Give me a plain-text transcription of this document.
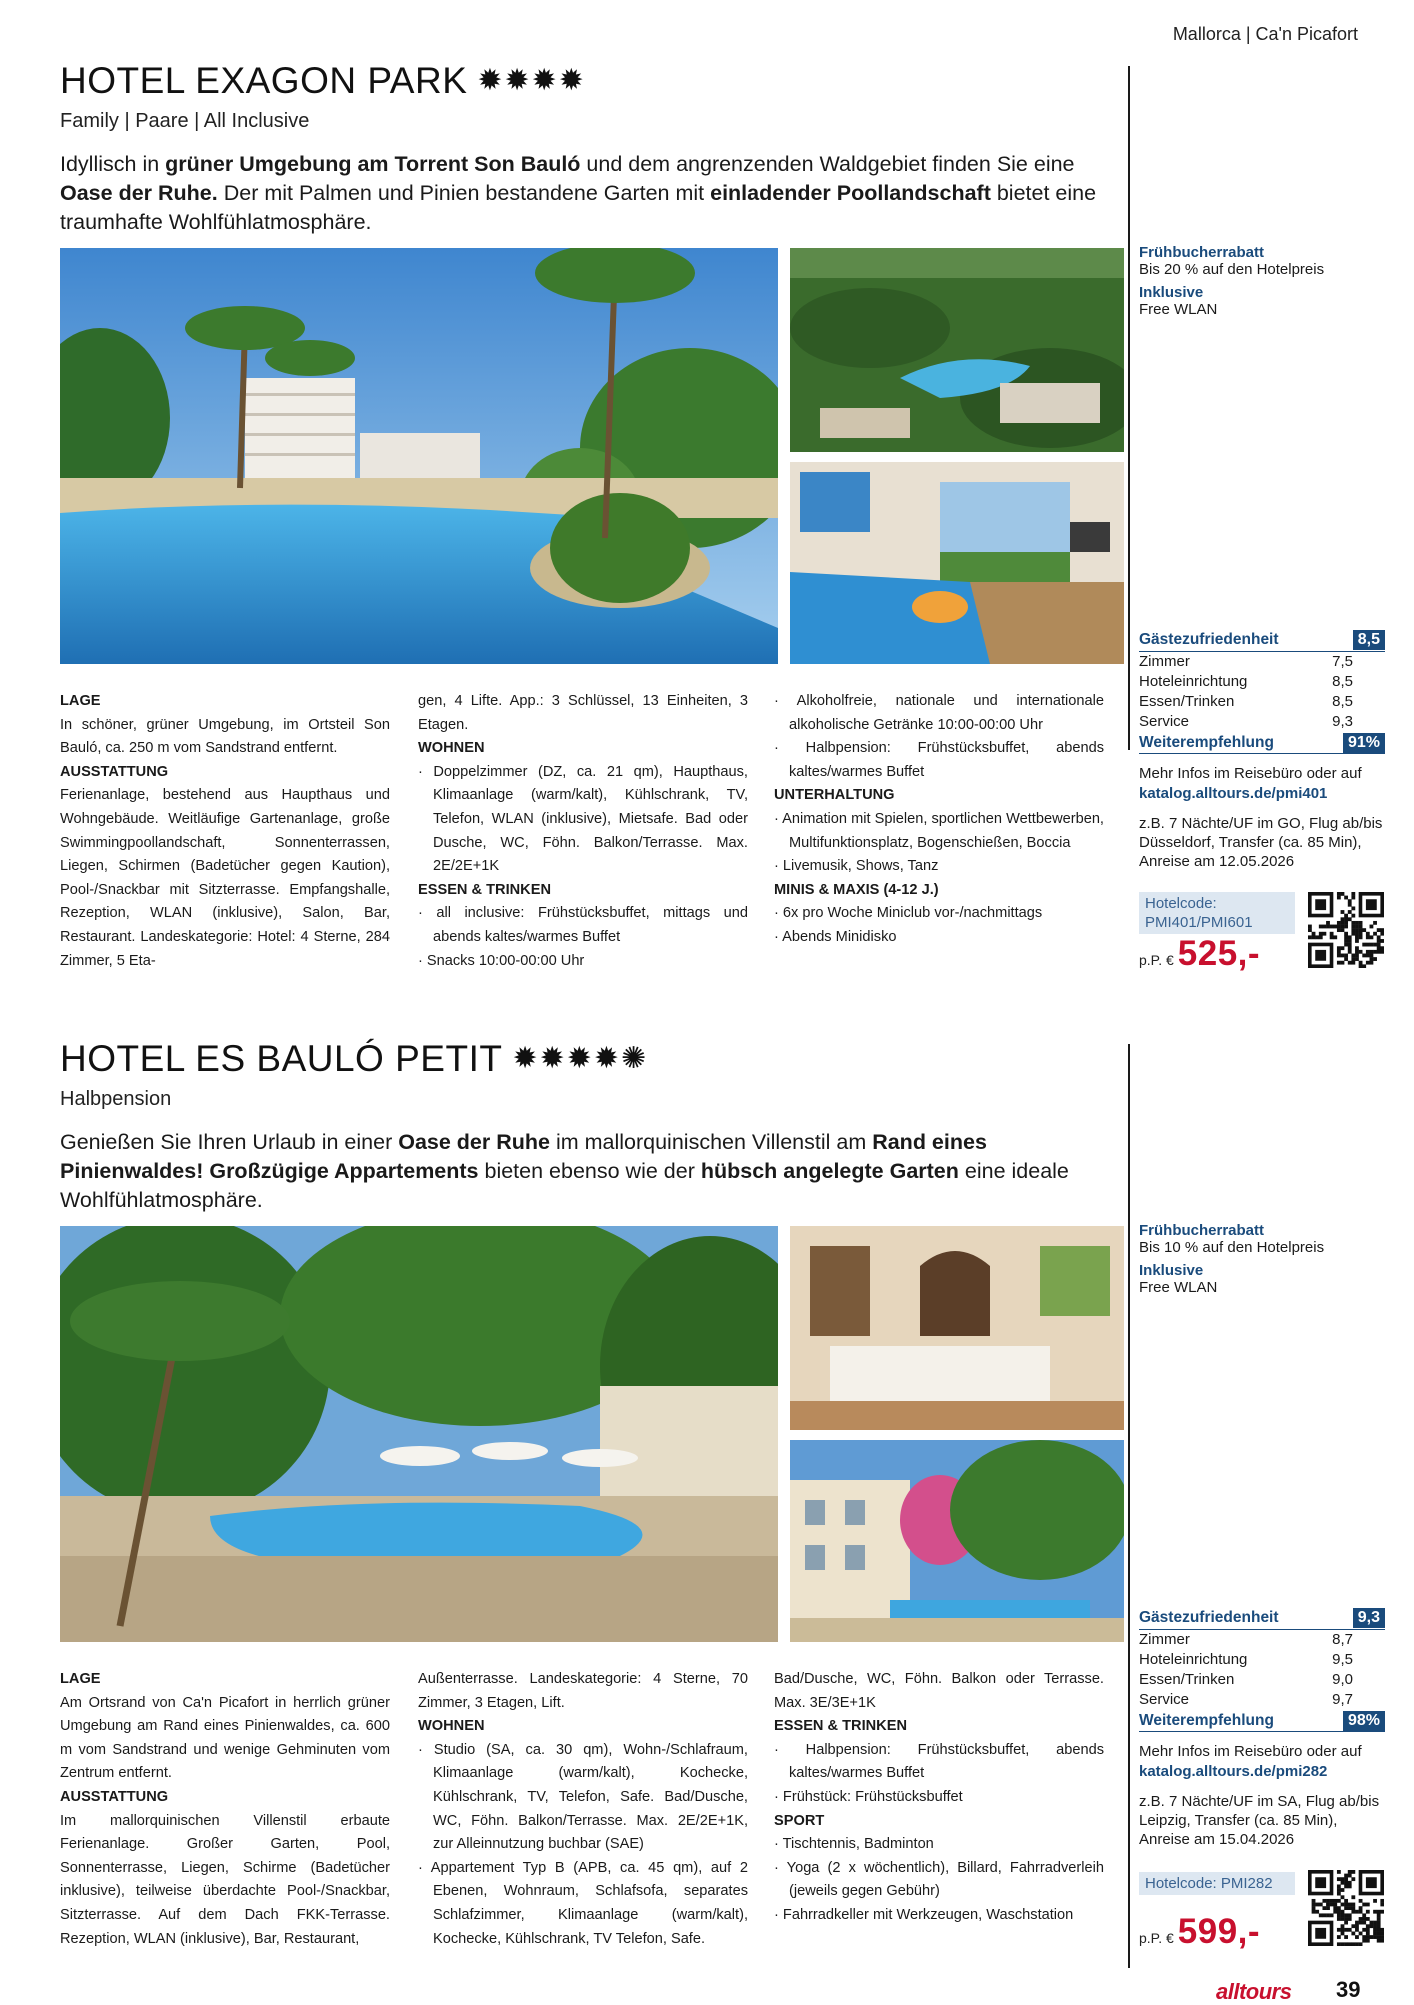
Mallorca | Ca'n Picafort
HOTEL EXAGON PARK ✹✹✹✹
Family | Paare | All Inclusive
Idyllisch in grüner Umgebung am Torrent Son Bauló und dem angrenzenden Waldgebiet finden Sie eine Oase der Ruhe. Der mit Palmen und Pinien bestandene Garten mit einladender Poollandschaft bietet eine traumhafte Wohlfühlatmosphäre.
LAGE
In schöner, grüner Umgebung, im Ortsteil Son Bauló, ca. 250 m vom Sandstrand entfernt.
AUSSTATTUNG
Ferienanlage, bestehend aus Haupthaus und Wohngebäude. Weitläufige Gartenanlage, große Swimmingpoollandschaft, Sonnenterrassen, Liegen, Schirmen (Badetücher gegen Kaution), Pool-/Snackbar mit Sitzterrasse. Empfangshalle, Rezeption, WLAN (inklusive), Salon, Bar, Restaurant. Landeskategorie: Hotel: 4 Sterne, 284 Zimmer, 5 Eta-
gen, 4 Lifte. App.: 3 Schlüssel, 13 Einheiten, 3 Etagen.
WOHNEN
· Doppelzimmer (DZ, ca. 21 qm), Haupthaus, Klimaanlage (warm/kalt), Kühlschrank, TV, Telefon, WLAN (inklusive), Mietsafe. Bad oder Dusche, WC, Föhn. Balkon/Terrasse. Max. 2E/2E+1K
ESSEN & TRINKEN
· all inclusive: Frühstücksbuffet, mittags und abends kaltes/warmes Buffet
· Snacks 10:00-00:00 Uhr
· Alkoholfreie, nationale und internationale alkoholische Getränke 10:00-00:00 Uhr
· Halbpension: Frühstücksbuffet, abends kaltes/warmes Buffet
UNTERHALTUNG
· Animation mit Spielen, sportlichen Wettbewerben, Multifunktionsplatz, Bogenschießen, Boccia
· Livemusik, Shows, Tanz
MINIS & MAXIS (4-12 J.)
· 6x pro Woche Miniclub vor-/nachmittags
· Abends Minidisko
Frühbucherrabatt
Bis 20 % auf den Hotelpreis
Inklusive
Free WLAN
Gästezufriedenheit	8,5
Zimmer	7,5
Hoteleinrichtung	8,5
Essen/Trinken	8,5
Service	9,3
Weiterempfehlung	91%
Mehr Infos im Reisebüro oder auf
katalog.alltours.de/pmi401
z.B. 7 Nächte/UF im GO, Flug ab/bis Düsseldorf, Transfer (ca. 85 Min), Anreise am 12.05.2026
Hotelcode: PMI401/PMI601
p.P. € 525,-
HOTEL ES BAULÓ PETIT ✹✹✹✹✺
Halbpension
Genießen Sie Ihren Urlaub in einer Oase der Ruhe im mallorquinischen Villenstil am Rand eines Pinienwaldes! Großzügige Appartements bieten ebenso wie der hübsch angelegte Garten eine ideale Wohlfühlatmosphäre.
LAGE
Am Ortsrand von Ca'n Picafort in herrlich grüner Umgebung am Rand eines Pinienwaldes, ca. 600 m vom Sandstrand und wenige Gehminuten vom Zentrum entfernt.
AUSSTATTUNG
Im mallorquinischen Villenstil erbaute Ferienanlage. Großer Garten, Pool, Sonnenterrasse, Liegen, Schirme (Badetücher inklusive), teilweise überdachte Pool-/Snackbar, Sitzterrasse. Auf dem Dach FKK-Terrasse. Rezeption, WLAN (inklusive), Bar, Restaurant,
Außenterrasse. Landeskategorie: 4 Sterne, 70 Zimmer, 3 Etagen, Lift.
WOHNEN
· Studio (SA, ca. 30 qm), Wohn-/Schlafraum, Klimaanlage (warm/kalt), Kochecke, Kühlschrank, TV, Telefon, Safe. Bad/Dusche, WC, Föhn. Balkon/Terrasse. Max. 2E/2E+1K, zur Alleinnutzung buchbar (SAE)
· Appartement Typ B (APB, ca. 45 qm), auf 2 Ebenen, Wohnraum, Schlafsofa, separates Schlafzimmer, Klimaanlage (warm/kalt), Kochecke, Kühlschrank, TV Telefon, Safe.
Bad/Dusche, WC, Föhn. Balkon oder Terrasse. Max. 3E/3E+1K
ESSEN & TRINKEN
· Halbpension: Frühstücksbuffet, abends kaltes/warmes Buffet
· Frühstück: Frühstücksbuffet
SPORT
· Tischtennis, Badminton
· Yoga (2 x wöchentlich), Billard, Fahrradverleih (jeweils gegen Gebühr)
· Fahrradkeller mit Werkzeugen, Waschstation
Frühbucherrabatt
Bis 10 % auf den Hotelpreis
Inklusive
Free WLAN
Gästezufriedenheit	9,3
Zimmer	8,7
Hoteleinrichtung	9,5
Essen/Trinken	9,0
Service	9,7
Weiterempfehlung	98%
Mehr Infos im Reisebüro oder auf
katalog.alltours.de/pmi282
z.B. 7 Nächte/UF im SA, Flug ab/bis Leipzig, Transfer (ca. 85 Min), Anreise am 15.04.2026
Hotelcode: PMI282
p.P. € 599,-
alltours 39
